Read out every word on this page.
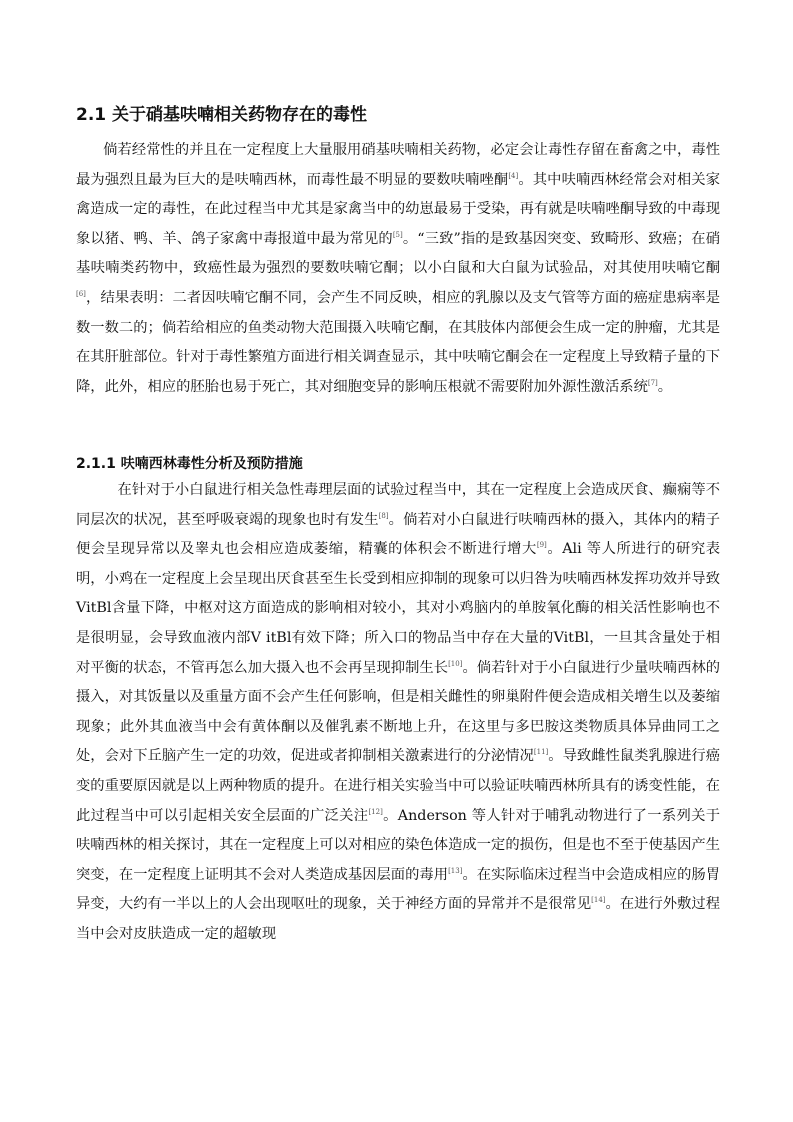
2.1 关于硝基呋喃相关药物存在的毒性

倘若经常性的并且在一定程度上大量服用硝基呋喃相关药物，必定会让毒性存留在畜禽之中，毒性最为强烈且最为巨大的是呋喃西林，而毒性最不明显的要数呋喃唑酮[4]。其中呋喃西林经常会对相关家禽造成一定的毒性，在此过程当中尤其是家禽当中的幼崽最易于受染，再有就是呋喃唑酮导致的中毒现象以猪、鸭、羊、鸽子家禽中毒报道中最为常见的[5]。“三致”指的是致基因突变、致畸形、致癌；在硝基呋喃类药物中，致癌性最为强烈的要数呋喃它酮；以小白鼠和大白鼠为试验品，对其使用呋喃它酮[6]，结果表明：二者因呋喃它酮不同，会产生不同反映，相应的乳腺以及支气管等方面的癌症患病率是数一数二的；倘若给相应的鱼类动物大范围摄入呋喃它酮，在其肢体内部便会生成一定的肿瘤，尤其是在其肝脏部位。针对于毒性繁殖方面进行相关调查显示，其中呋喃它酮会在一定程度上导致精子量的下降，此外，相应的胚胎也易于死亡，其对细胞变异的影响压根就不需要附加外源性激活系统[7]。

2.1.1 呋喃西林毒性分析及预防措施

在针对于小白鼠进行相关急性毒理层面的试验过程当中，其在一定程度上会造成厌食、癫痫等不同层次的状况，甚至呼吸衰竭的现象也时有发生[8]。倘若对小白鼠进行呋喃西林的摄入，其体内的精子便会呈现异常以及睾丸也会相应造成萎缩，精囊的体积会不断进行增大[9]。Ali 等人所进行的研究表明，小鸡在一定程度上会呈现出厌食甚至生长受到相应抑制的现象可以归咎为呋喃西林发挥功效并导致VitBl含量下降，中枢对这方面造成的影响相对较小，其对小鸡脑内的单胺氧化酶的相关活性影响也不是很明显，会导致血液内部Ⅴ itBl有效下降；所入口的物品当中存在大量的VitBl，一旦其含量处于相对平衡的状态，不管再怎么加大摄入也不会再呈现抑制生长[10]。倘若针对于小白鼠进行少量呋喃西林的摄入，对其饭量以及重量方面不会产生任何影响，但是相关雌性的卵巢附件便会造成相关增生以及萎缩现象；此外其血液当中会有黄体酮以及催乳素不断地上升，在这里与多巴胺这类物质具体异曲同工之处，会对下丘脑产生一定的功效，促进或者抑制相关激素进行的分泌情况[11]。导致雌性鼠类乳腺进行癌变的重要原因就是以上两种物质的提升。在进行相关实验当中可以验证呋喃西林所具有的诱变性能，在此过程当中可以引起相关安全层面的广泛关注[12]。Anderson 等人针对于哺乳动物进行了一系列关于呋喃西林的相关探讨，其在一定程度上可以对相应的染色体造成一定的损伤，但是也不至于使基因产生突变，在一定程度上证明其不会对人类造成基因层面的毒用[13]。在实际临床过程当中会造成相应的肠胃异变，大约有一半以上的人会出现呕吐的现象，关于神经方面的异常并不是很常见[14]。在进行外敷过程当中会对皮肤造成一定的超敏现
